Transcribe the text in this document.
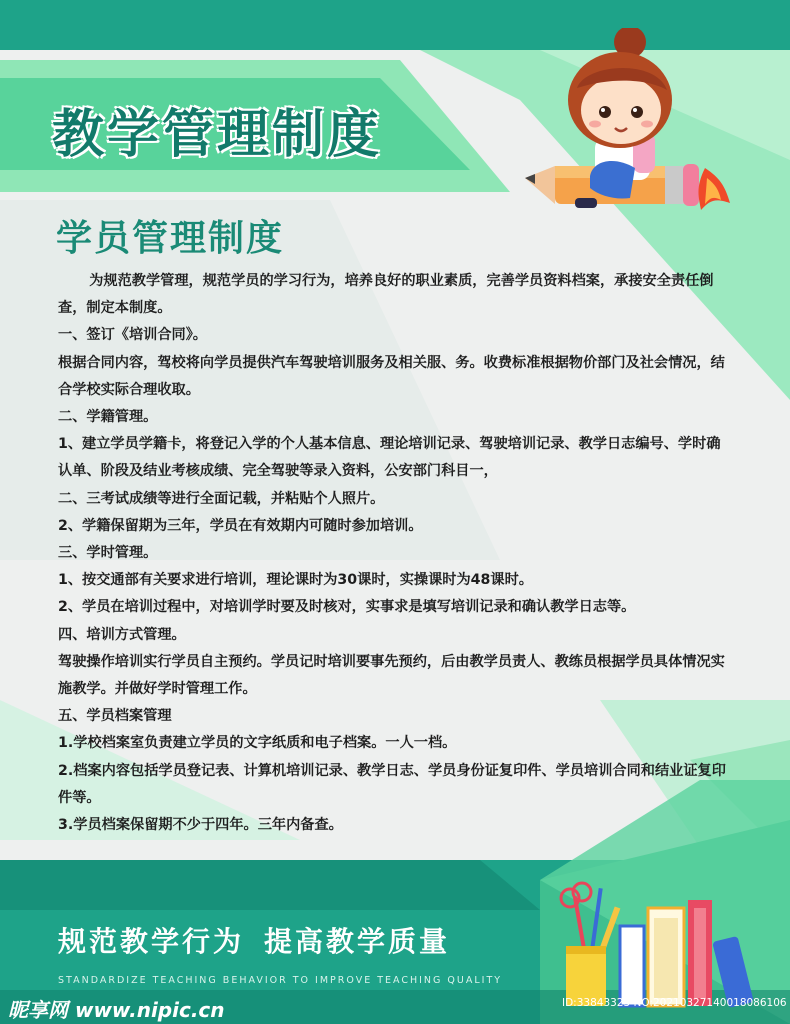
教学管理制度
学员管理制度

为规范教学管理，规范学员的学习行为，培养良好的职业素质，完善学员资料档案，承接安全责任倒查，制定本制度。

一、签订《培训合同》。

根据合同内容，驾校将向学员提供汽车驾驶培训服务及相关服、务。收费标准根据物价部门及社会情况，结合学校实际合理收取。

二、学籍管理。

1、建立学员学籍卡，将登记入学的个人基本信息、理论培训记录、驾驶培训记录、教学日志编号、学时确认单、阶段及结业考核成绩、完全驾驶等录入资料，公安部门科目一，

二、三考试成绩等进行全面记载，并粘贴个人照片。

2、学籍保留期为三年，学员在有效期内可随时参加培训。

三、学时管理。

1、按交通部有关要求进行培训，理论课时为30课时，实操课时为48课时。

2、学员在培训过程中，对培训学时要及时核对，实事求是填写培训记录和确认教学日志等。

四、培训方式管理。

驾驶操作培训实行学员自主预约。学员记时培训要事先预约，后由教学员责人、教练员根据学员具体情况实施教学。并做好学时管理工作。

五、学员档案管理

1.学校档案室负责建立学员的文字纸质和电子档案。一人一档。

2.档案内容包括学员登记表、计算机培训记录、教学日志、学员身份证复印件、学员培训合同和结业证复印件等。

3.学员档案保留期不少于四年。三年内备查。

规范教学行为 提高教学质量
STANDARDIZE TEACHING BEHAVIOR TO IMPROVE TEACHING QUALITY
昵享网 www.nipic.cn	ID:33843323 NO:20210327140018086106
